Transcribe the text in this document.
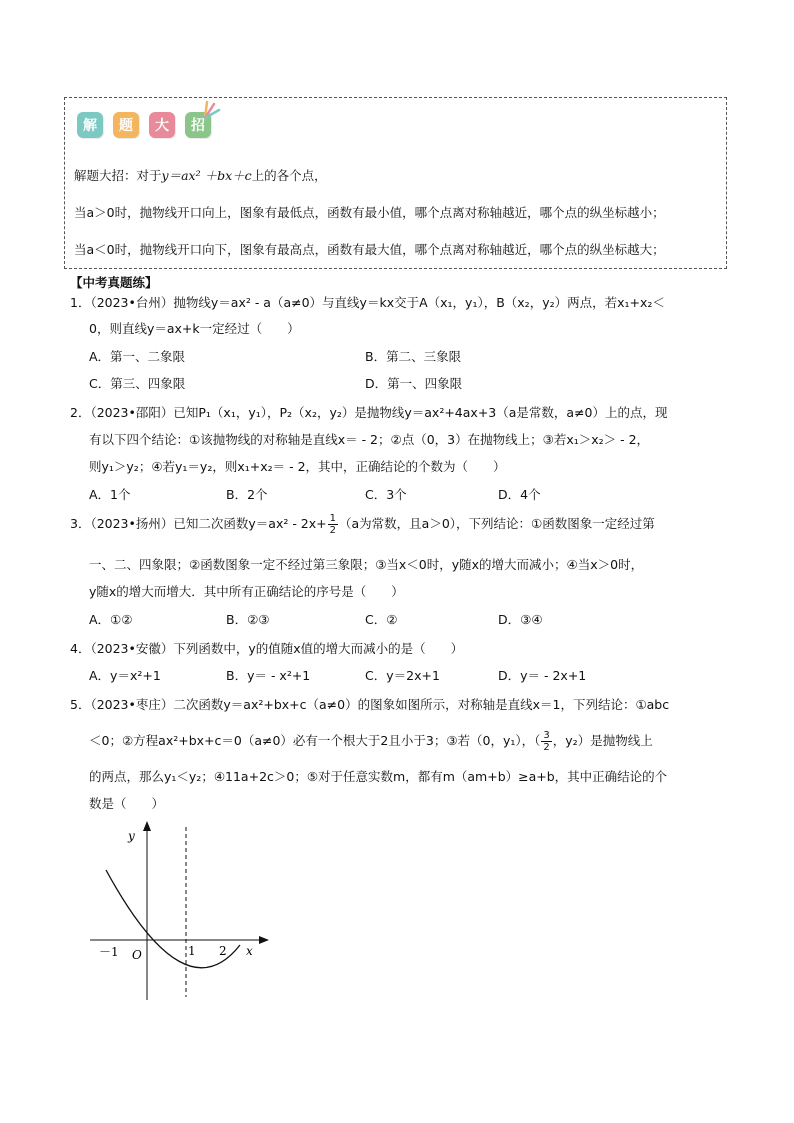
解	题	大	招
解题大招：对于y＝ax² ＋bx＋c上的各个点，
当a＞0时，抛物线开口向上，图象有最低点，函数有最小值，哪个点离对称轴越近，哪个点的纵坐标越小；
当a＜0时，抛物线开口向下，图象有最高点，函数有最大值，哪个点离对称轴越近，哪个点的纵坐标越大；
【中考真题练】
1．（2023•台州）抛物线y＝ax² - a（a≠0）与直线y＝kx交于A（x₁，y₁），B（x₂，y₂）两点，若x₁+x₂＜
0，则直线y＝ax+k一定经过（　　）
A．第一、二象限	B．第二、三象限
C．第三、四象限	D．第一、四象限
2．（2023•邵阳）已知P₁（x₁，y₁），P₂（x₂，y₂）是抛物线y＝ax²+4ax+3（a是常数，a≠0）上的点，现
有以下四个结论：①该抛物线的对称轴是直线x＝ - 2；②点（0，3）在抛物线上；③若x₁＞x₂＞ - 2，
则y₁＞y₂；④若y₁＝y₂，则x₁+x₂＝ - 2，其中，正确结论的个数为（　　）
A．1个	B．2个	C．3个	D．4个
3．（2023•扬州）已知二次函数$y=ax^2 - 2x+ \frac{1}{2} (a$为常数，且a＞0），下列结论：①函数图象一定经过第
一、二、四象限；②函数图象一定不经过第三象限；③当x＜0时，y随x的增大而减小；④当x＞0时，
y随x的增大而增大．其中所有正确结论的序号是（　　）
A．①②	B．②③	C．②	D．③④
4．（2023•安徽）下列函数中，y的值随x值的增大而减小的是（　　）
A．y＝x²+1	B．y＝ - x²+1	C．y＝2x+1	D．y＝ - 2x+1
5．（2023•枣庄）二次函数y＝ax²+bx+c（a≠0）的图象如图所示，对称轴是直线x＝1，下列结论：①abc
＜0；②方程ax²+bx+c＝0（a≠0）必有一个根大于2且小于3；③若（0，y₁），（ $\frac{3}{2}$ ，y₂）是抛物线上
的两点，那么y₁＜y₂；④11a+2c＞0；⑤对于任意实数m，都有m（am+b）≥a+b，其中正确结论的个
数是（　　）
y
x
O
－1	1 2
